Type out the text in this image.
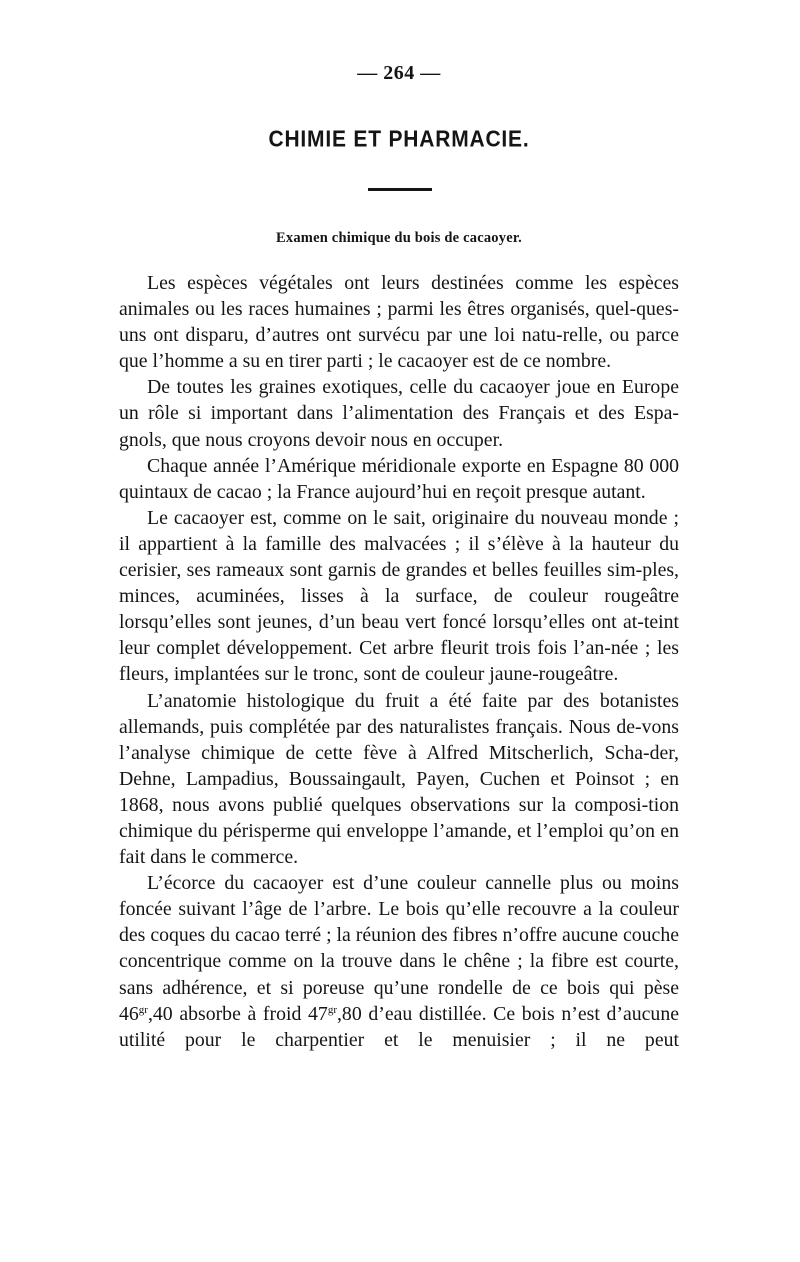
— 264 —
CHIMIE ET PHARMACIE.
Examen chimique du bois de cacaoyer.

Les espèces végétales ont leurs destinées comme les espèces animales ou les races humaines ; parmi les êtres organisés, quel-ques-uns ont disparu, d’autres ont survécu par une loi natu-relle, ou parce que l’homme a su en tirer parti ; le cacaoyer est de ce nombre.

De toutes les graines exotiques, celle du cacaoyer joue en Europe un rôle si important dans l’alimentation des Français et des Espa-gnols, que nous croyons devoir nous en occuper.

Chaque année l’Amérique méridionale exporte en Espagne 80 000 quintaux de cacao ; la France aujourd’hui en reçoit presque autant.

Le cacaoyer est, comme on le sait, originaire du nouveau monde ; il appartient à la famille des malvacées ; il s’élève à la hauteur du cerisier, ses rameaux sont garnis de grandes et belles feuilles sim-ples, minces, acuminées, lisses à la surface, de couleur rougeâtre lorsqu’elles sont jeunes, d’un beau vert foncé lorsqu’elles ont at-teint leur complet développement. Cet arbre fleurit trois fois l’an-née ; les fleurs, implantées sur le tronc, sont de couleur jaune-rougeâtre.

L’anatomie histologique du fruit a été faite par des botanistes allemands, puis complétée par des naturalistes français. Nous de-vons l’analyse chimique de cette fève à Alfred Mitscherlich, Scha-der, Dehne, Lampadius, Boussaingault, Payen, Cuchen et Poinsot ; en 1868, nous avons publié quelques observations sur la composi-tion chimique du périsperme qui enveloppe l’amande, et l’emploi qu’on en fait dans le commerce.

L’écorce du cacaoyer est d’une couleur cannelle plus ou moins foncée suivant l’âge de l’arbre. Le bois qu’elle recouvre a la couleur des coques du cacao terré ; la réunion des fibres n’offre aucune couche concentrique comme on la trouve dans le chêne ; la fibre est courte, sans adhérence, et si poreuse qu’une rondelle de ce bois qui pèse $46^{gr},40$ absorbe à froid $47^{gr},80$ d’eau distillée. Ce bois n’est d’aucune utilité pour le charpentier et le menuisier ; il ne peut
